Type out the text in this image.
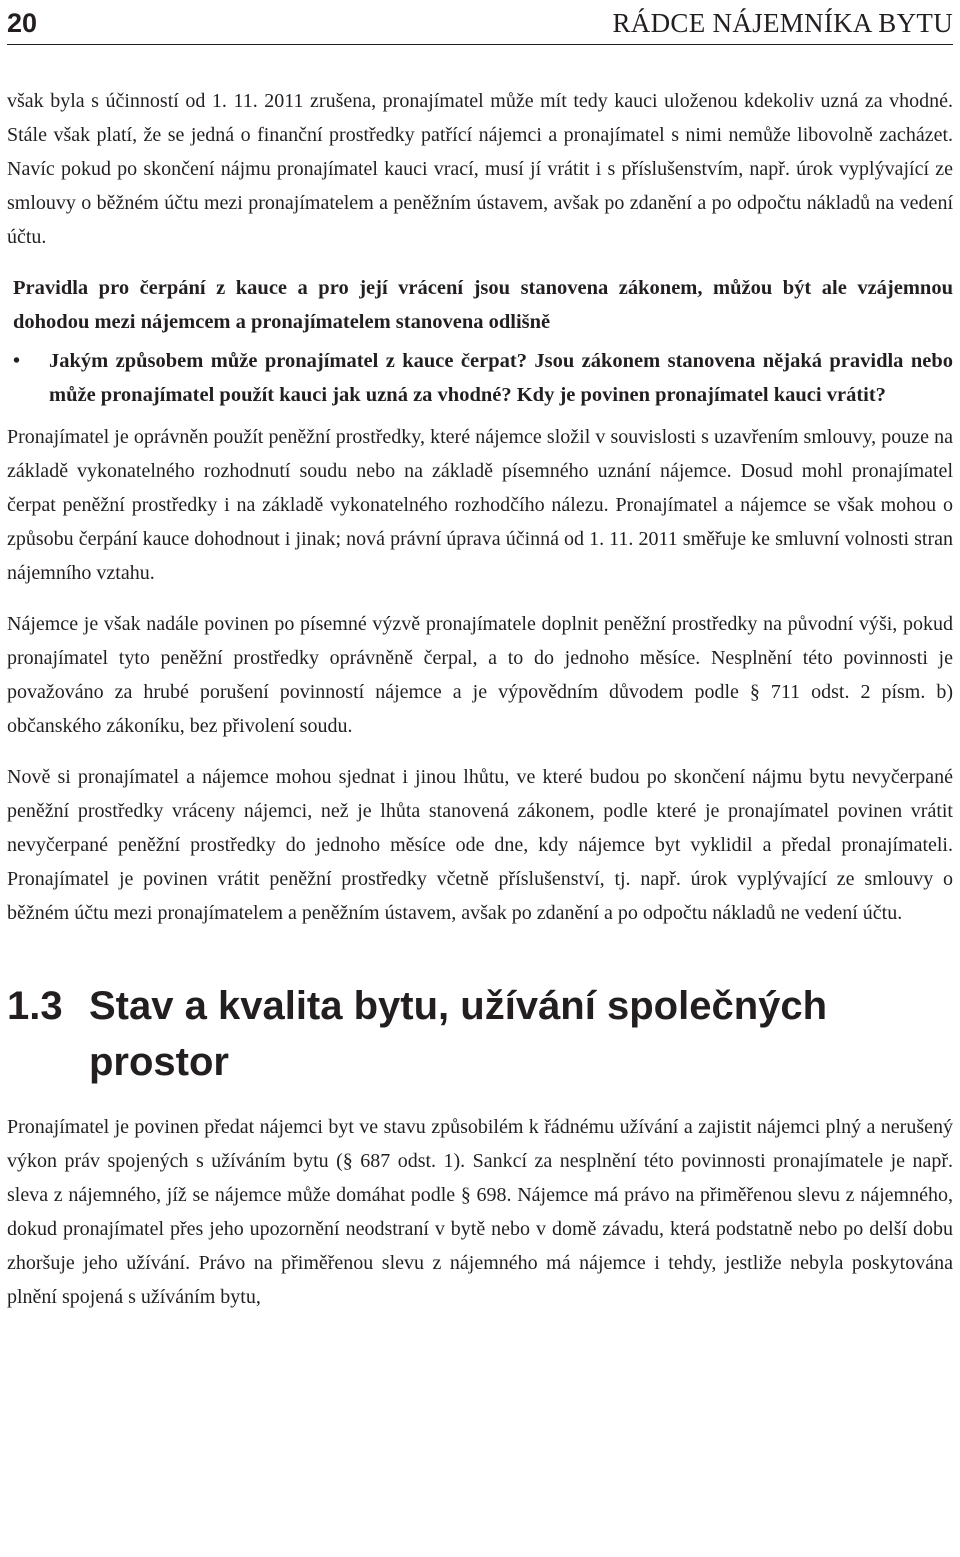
20	RÁDCE NÁJEMNÍKA BYTU

však byla s účinností od 1. 11. 2011 zrušena, pronajímatel může mít tedy kauci uloženou kdekoliv uzná za vhodné. Stále však platí, že se jedná o finanční prostředky patřící nájemci a pronajímatel s nimi nemůže libovolně zacházet. Navíc pokud po skončení nájmu pronajímatel kauci vrací, musí jí vrátit i s příslušenstvím, např. úrok vyplývající ze smlouvy o běžném účtu mezi pronajímatelem a peněžním ústavem, avšak po zdanění a po odpočtu nákladů na vedení účtu.

Pravidla pro čerpání z kauce a pro její vrácení jsou stanovena zákonem, můžou být ale vzájemnou dohodou mezi nájemcem a pronajímatelem stanovena odlišně

• Jakým způsobem může pronajímatel z kauce čerpat? Jsou zákonem stanovena nějaká pravidla nebo může pronajímatel použít kauci jak uzná za vhodné? Kdy je povinen pronajímatel kauci vrátit?

Pronajímatel je oprávněn použít peněžní prostředky, které nájemce složil v souvislosti s uzavřením smlouvy, pouze na základě vykonatelného rozhodnutí soudu nebo na základě písemného uznání nájemce. Dosud mohl pronajímatel čerpat peněžní prostředky i na základě vykonatelného rozhodčího nálezu. Pronajímatel a nájemce se však mohou o způsobu čerpání kauce dohodnout i jinak; nová právní úprava účinná od 1. 11. 2011 směřuje ke smluvní volnosti stran nájemního vztahu.

Nájemce je však nadále povinen po písemné výzvě pronajímatele doplnit peněžní prostředky na původní výši, pokud pronajímatel tyto peněžní prostředky oprávněně čerpal, a to do jednoho měsíce. Nesplnění této povinnosti je považováno za hrubé porušení povinností nájemce a je výpovědním důvodem podle § 711 odst. 2 písm. b) občanského zákoníku, bez přivolení soudu.

Nově si pronajímatel a nájemce mohou sjednat i jinou lhůtu, ve které budou po skončení nájmu bytu nevyčerpané peněžní prostředky vráceny nájemci, než je lhůta stanovená zákonem, podle které je pronajímatel povinen vrátit nevyčerpané peněžní prostředky do jednoho měsíce ode dne, kdy nájemce byt vyklidil a předal pronajímateli. Pronajímatel je povinen vrátit peněžní prostředky včetně příslušenství, tj. např. úrok vyplývající ze smlouvy o běžném účtu mezi pronajímatelem a peněžním ústavem, avšak po zdanění a po odpočtu nákladů ne vedení účtu.

1.3 Stav a kvalita bytu, užívání společných prostor

Pronajímatel je povinen předat nájemci byt ve stavu způsobilém k řádnému užívání a zajistit nájemci plný a nerušený výkon práv spojených s užíváním bytu (§ 687 odst. 1). Sankcí za nesplnění této povinnosti pronajímatele je např. sleva z nájemného, jíž se nájemce může domáhat podle § 698. Nájemce má právo na přiměřenou slevu z nájemného, dokud pronajímatel přes jeho upozornění neodstraní v bytě nebo v domě závadu, která podstatně nebo po delší dobu zhoršuje jeho užívání. Právo na přiměřenou slevu z nájemného má nájemce i tehdy, jestliže nebyla poskytována plnění spojená s užíváním bytu,
